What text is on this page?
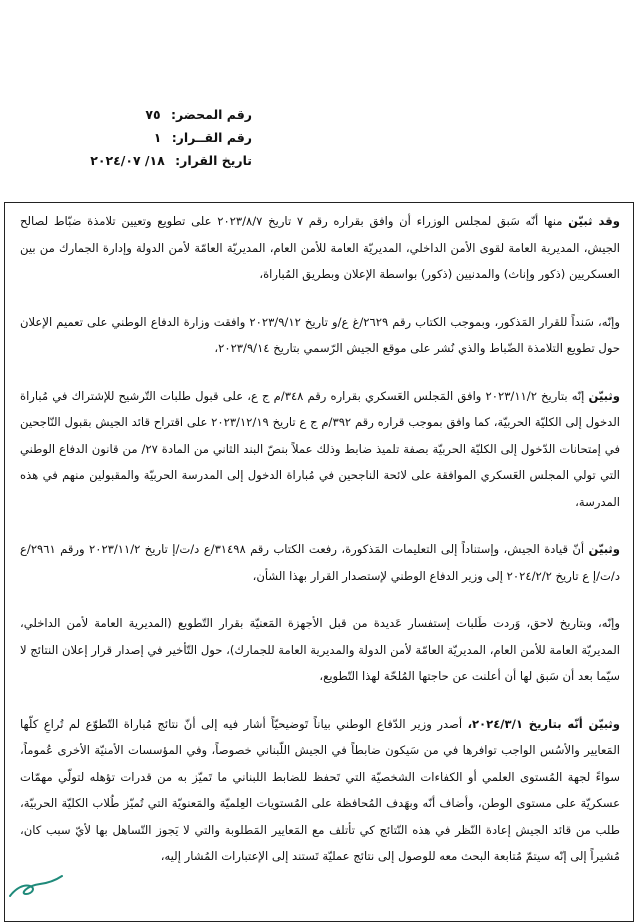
رقم المحضر: ٧٥
رقم القــرار: ١
تاريخ القرار: ١٨/ ٢٠٢٤/٠٧

وقد ثبيّن منها أنّه سَبق لمجلس الوزراء أن وافق بقراره رقم ٧ تاريخ ٢٠٢٣/٨/٧ على تطويع وتعيين تلامذة ضبّاط لصالح الجيش، المديرية العامة لقوى الأمن الداخلي، المديريّة العامة للأمن العام، المديريّة العامّة لأمن الدولة وإدارة الجمارك من بين العسكريين (ذكور وإناث) والمدنيين (ذكور) بواسطة الإعلان وبطريق المُباراة،

وإنّه، سَنداً للقرار المَذكور، وبموجب الكتاب رقم ٢٦٢٩/غ ع/و تاريخ ٢٠٢٣/٩/١٢ وافقت وزارة الدفاع الوطني على تعميم الإعلان حول تطويع التلامذة الضّباط والذي نُشر على موقع الجيش الرّسمي بتاريخ ٢٠٢٣/٩/١٤،

وثبيّن إنّه بتاريخ ٢٠٢٣/١١/٢ وافق المَجلس العَسكري بقراره رقم ٣٤٨/م ج ع، على قبول طلبات التّرشيح للإشتراك في مُباراة الدخول إلى الكليّة الحربيّة، كما وافق بموجب قراره رقم ٣٩٢/م ج ع تاريخ ٢٠٢٣/١٢/١٩ على اقتراح قائد الجيش بقبول النّاجحين في إمتحانات الدّخول إلى الكليّة الحربيّة بصفة تلميذ ضابط وذلك عملاً بنصّ البند الثاني من المادة ٢٧/ من قانون الدفاع الوطني التي تولي المجلس العَسكري الموافقة على لائحة الناجحين في مُباراة الدخول إلى المدرسة الحربيّة والمقبولين منهم في هذه المدرسة،

وثبيّن أنّ قيادة الجيش، وإستناداً إلى التعليمات المَذكورة، رفعت الكتاب رقم ٣١٤٩٨/ع د/ت/إ تاريخ ٢٠٢٣/١١/٢ ورقم ٢٩٦١/ع د/ت/إ ع تاريخ ٢٠٢٤/٢/٢ إلى وزير الدفاع الوطني لإستصدار القرار بهذا الشأن،

وإنّه، وبتاريخ لاحق، وَردت طَلبات إستفسار عَديدة من قبل الأجهزة المَعنيّة بقرار التّطويع (المديرية العامة لأمن الداخلي، المديريّة العامة للأمن العام، المديريّة العامّة لأمن الدولة والمديرية العامة للجمارك)، حول التّأخير في إصدار قرار إعلان النتائج لا سيّما بعد أن سَبق لها أن أعلنت عن حاجتها المُلحّة لهذا التّطويع،

وثبيّن أنّه بتاريخ ٢٠٢٤/٣/١، أصدر وزير الدّفاع الوطني بياناً تَوضيحيّاً أشار فيه إلى أنّ نتائج مُباراة التّطوّع لم تُراعِ كلّها المَعايير والأسُس الواجب توافرها في من سَيكون ضابطاً في الجيش اللّبناني خصوصاً، وفي المؤسسات الأمنيّة الأخرى عُموماً، سواءً لجهة المُستوى العلمي أو الكفاءات الشخصيّة التي تَحفظ للضابط اللبناني ما تَميّز به من قدرات تؤهله لتولّي مهمّات عسكريّة على مستوى الوطن، وأضاف أنّه وبهَدف المُحافظة على المُستويات العِلميّة والمَعنويّة التي تُميّز طُلاب الكليّة الحربيّة، طلب من قائد الجيش إعادة النّظر في هذه النّتائج كي تأتلف مع المَعايير المَطلوبة والتي لا يَجوز التّساهل بها لأيّ سبب كان، مُشيراً إلى إنّه سيتمّ مُتابعة البحث معه للوصول إلى نتائج عمليّة تَستند إلى الإعتبارات المُشار إليه،
